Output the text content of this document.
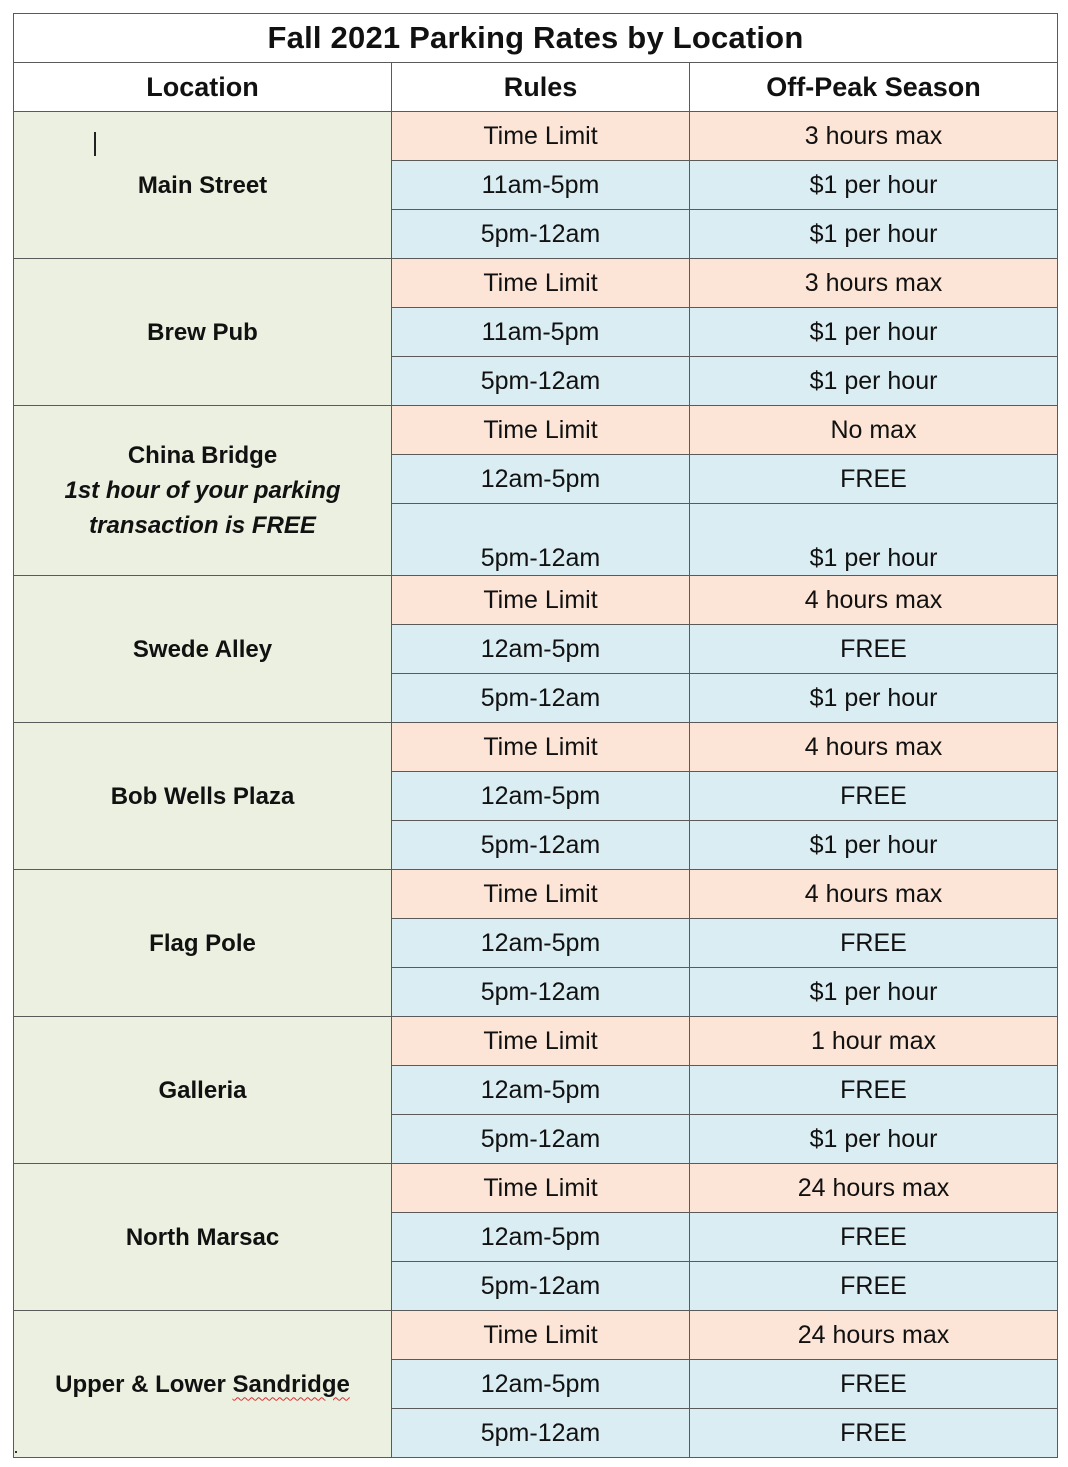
Fall 2021 Parking Rates by Location		
Location	Rules	Off-Peak Season

Main Street	Time Limit	3 hours max
	11am-5pm	$1 per hour
	5pm-12am	$1 per hour
Brew Pub	Time Limit	3 hours max
	11am-5pm	$1 per hour
	5pm-12am	$1 per hour

China Bridge
1st hour of your parking
transaction is FREE	Time Limit	No max
	12am-5pm	FREE
	5pm-12am	$1 per hour
Swede Alley	Time Limit	4 hours max
	12am-5pm	FREE
	5pm-12am	$1 per hour
Bob Wells Plaza	Time Limit	4 hours max
	12am-5pm	FREE
	5pm-12am	$1 per hour
Flag Pole	Time Limit	4 hours max
	12am-5pm	FREE
	5pm-12am	$1 per hour
Galleria	Time Limit	1 hour max
	12am-5pm	FREE
	5pm-12am	$1 per hour
North Marsac	Time Limit	24 hours max
	12am-5pm	FREE
	5pm-12am	FREE
Upper & Lower Sandridge	Time Limit	24 hours max
	12am-5pm	FREE
	5pm-12am	FREE
